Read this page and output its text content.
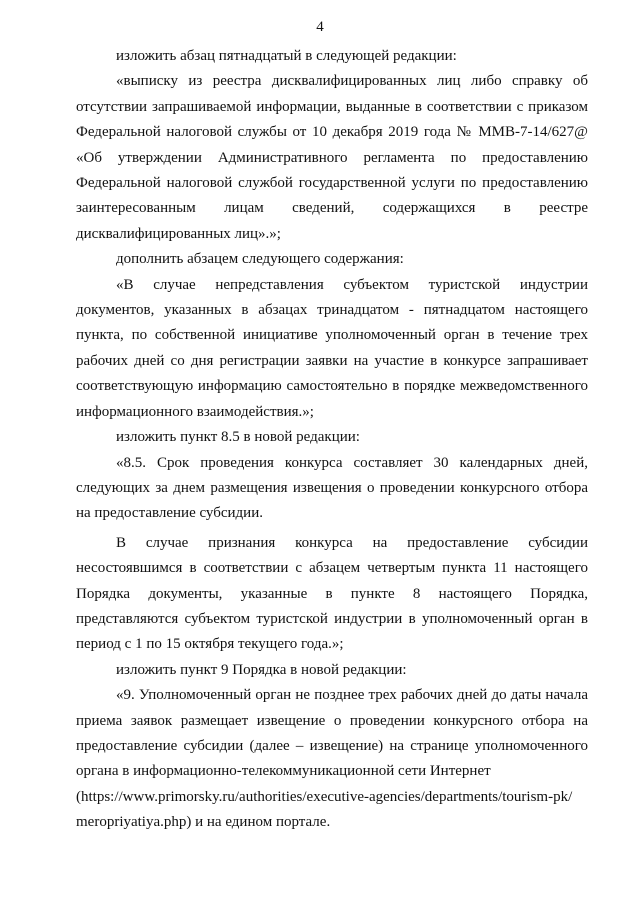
4

изложить абзац пятнадцатый в следующей редакции:

«выписку из реестра дисквалифицированных лиц либо справку об отсутствии запрашиваемой информации, выданные в соответствии с приказом Федеральной налоговой службы от 10 декабря 2019 года № ММВ-7-14/627@ «Об утверждении Административного регламента по предоставлению Федеральной налоговой службой государственной услуги по предоставлению заинтересованным лицам сведений, содержащихся в реестре дисквалифицированных лиц».»;

дополнить абзацем следующего содержания:

«В случае непредставления субъектом туристской индустрии документов, указанных в абзацах тринадцатом - пятнадцатом настоящего пункта, по собственной инициативе уполномоченный орган в течение трех рабочих дней со дня регистрации заявки на участие в конкурсе запрашивает соответствующую информацию самостоятельно в порядке межведомственного информационного взаимодействия.»;

изложить пункт 8.5 в новой редакции:

«8.5. Срок проведения конкурса составляет 30 календарных дней, следующих за днем размещения извещения о проведении конкурсного отбора на предоставление субсидии.

В случае признания конкурса на предоставление субсидии несостоявшимся в соответствии с абзацем четвертым пункта 11 настоящего Порядка документы, указанные в пункте 8 настоящего Порядка, представляются субъектом туристской индустрии в уполномоченный орган в период с 1 по 15 октября текущего года.»;

изложить пункт 9 Порядка в новой редакции:

«9. Уполномоченный орган не позднее трех рабочих дней до даты начала приема заявок размещает извещение о проведении конкурсного отбора на предоставление субсидии (далее – извещение) на странице уполномоченного органа в информационно-телекоммуникационной сети Интернет

(https://www.primorsky.ru/authorities/executive-agencies/departments/tourism-pk/ meropriyatiya.php) и на едином портале.
